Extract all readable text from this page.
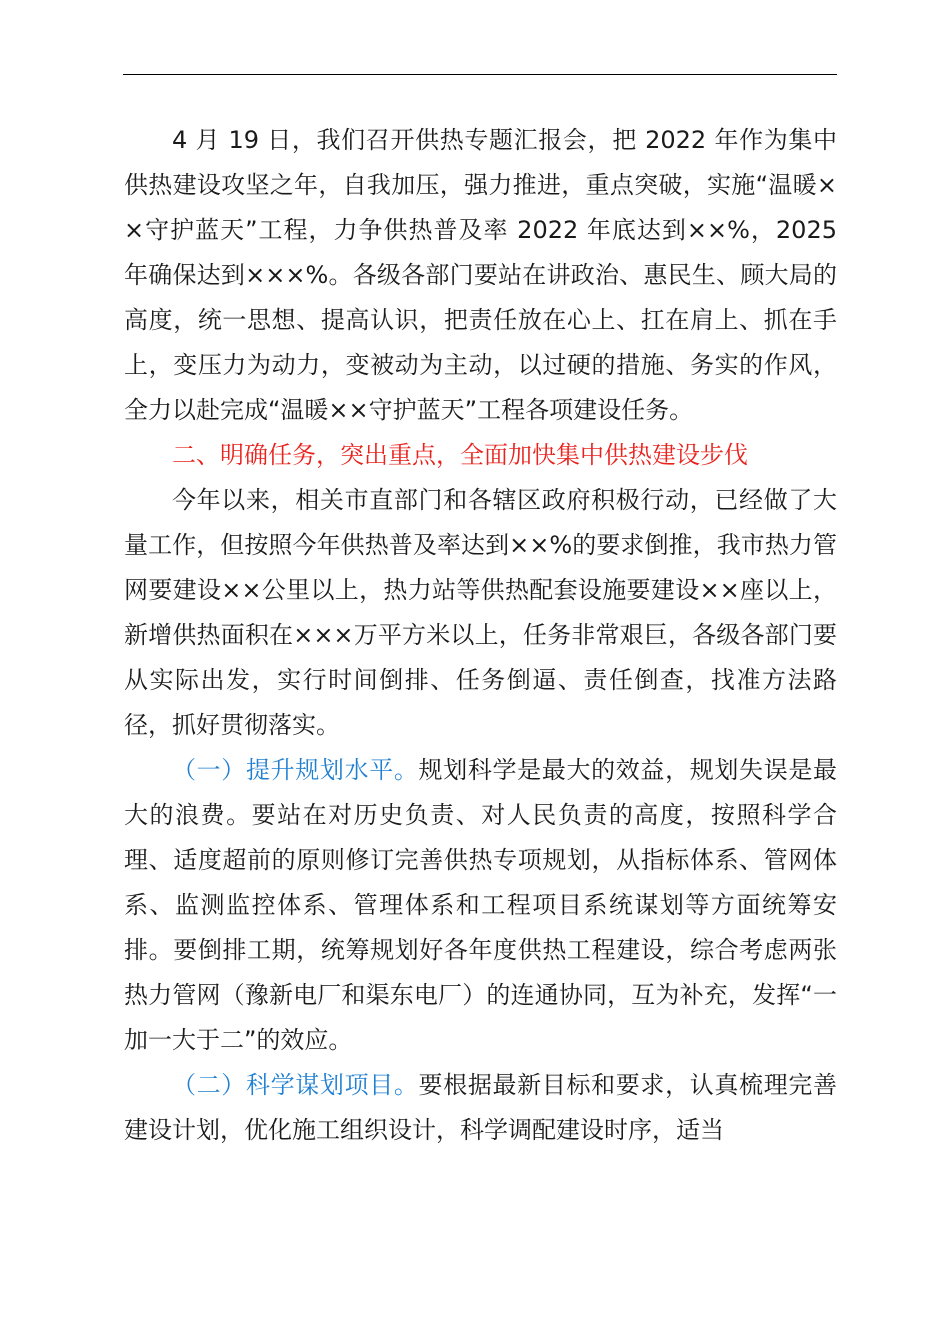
4 月 19 日，我们召开供热专题汇报会，把 2022 年作为集中供热建设攻坚之年，自我加压，强力推进，重点突破，实施“温暖××守护蓝天”工程，力争供热普及率 2022 年底达到××%，2025 年确保达到×××%。各级各部门要站在讲政治、惠民生、顾大局的高度，统一思想、提高认识，把责任放在心上、扛在肩上、抓在手上，变压力为动力，变被动为主动，以过硬的措施、务实的作风，全力以赴完成“温暖××守护蓝天”工程各项建设任务。

二、明确任务，突出重点，全面加快集中供热建设步伐

今年以来，相关市直部门和各辖区政府积极行动，已经做了大量工作，但按照今年供热普及率达到××%的要求倒推，我市热力管网要建设××公里以上，热力站等供热配套设施要建设××座以上，新增供热面积在×××万平方米以上，任务非常艰巨，各级各部门要从实际出发，实行时间倒排、任务倒逼、责任倒查，找准方法路径，抓好贯彻落实。

（一）提升规划水平。规划科学是最大的效益，规划失误是最大的浪费。要站在对历史负责、对人民负责的高度，按照科学合理、适度超前的原则修订完善供热专项规划，从指标体系、管网体系、监测监控体系、管理体系和工程项目系统谋划等方面统筹安排。要倒排工期，统筹规划好各年度供热工程建设，综合考虑两张热力管网（豫新电厂和渠东电厂）的连通协同，互为补充，发挥“一加一大于二”的效应。

（二）科学谋划项目。要根据最新目标和要求，认真梳理完善建设计划，优化施工组织设计，科学调配建设时序，适当
